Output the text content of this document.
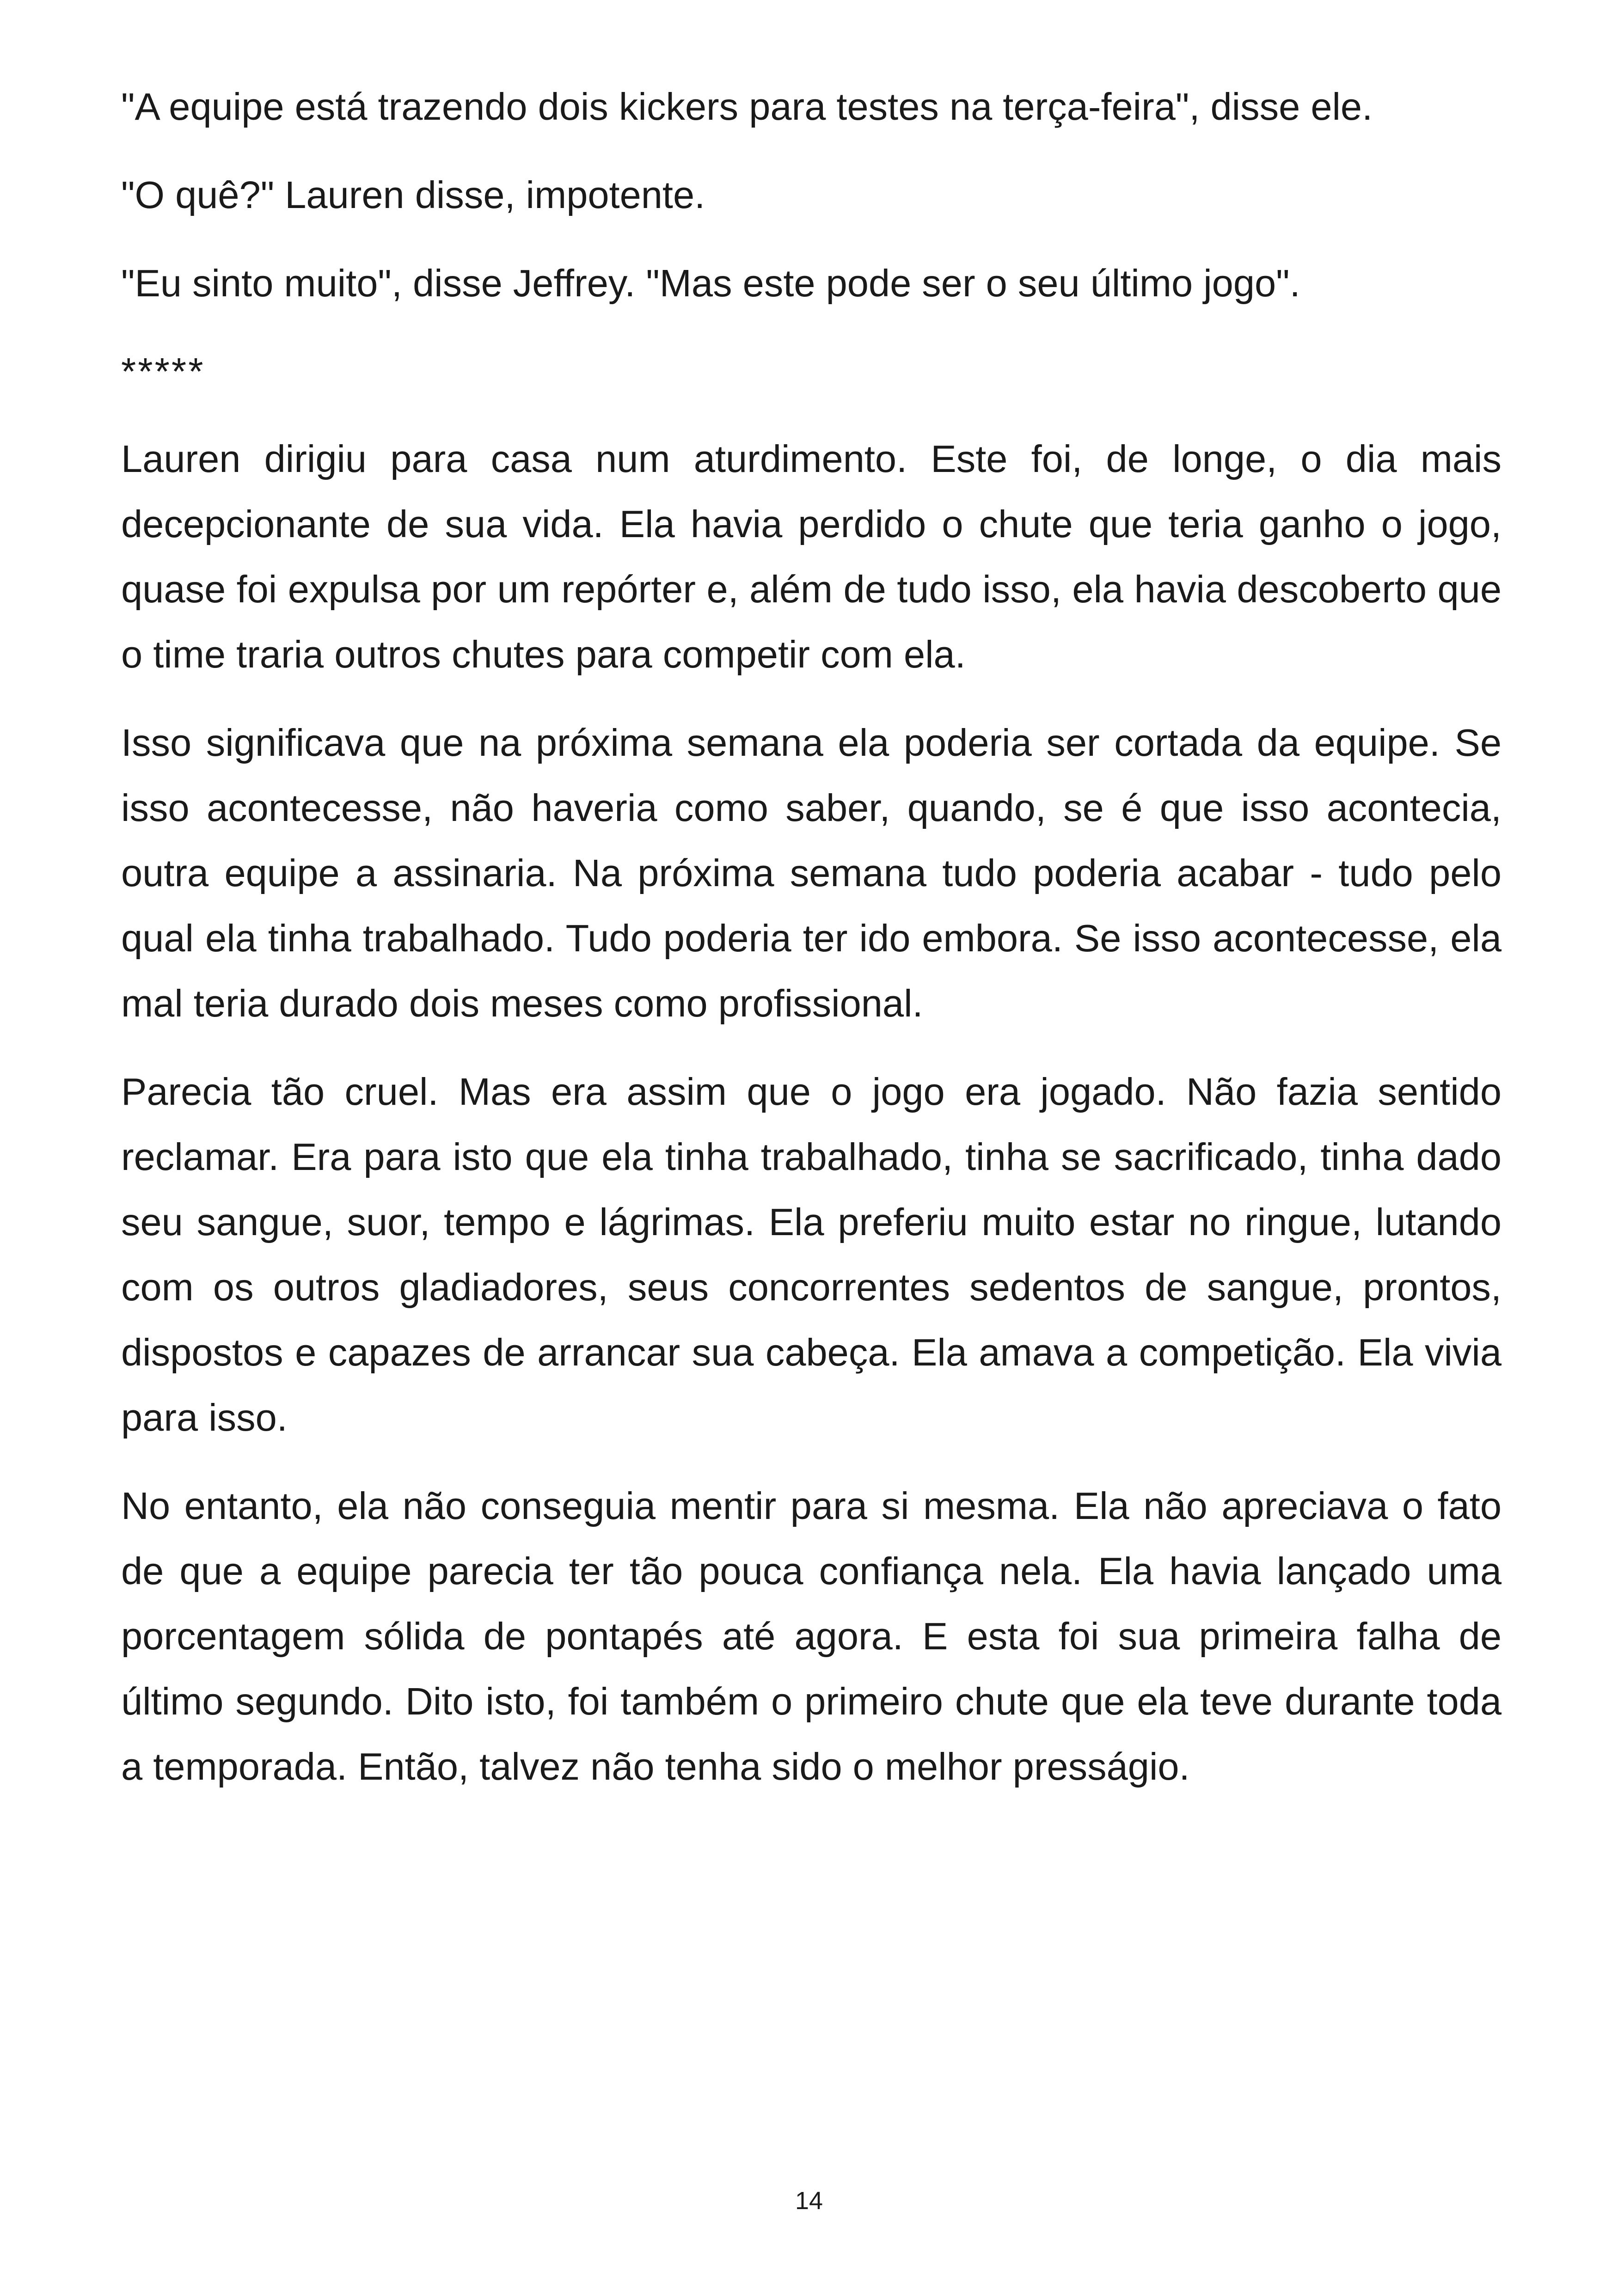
"A equipe está trazendo dois kickers para testes na terça-feira", disse ele.

"O quê?" Lauren disse, impotente.

"Eu sinto muito", disse Jeffrey. "Mas este pode ser o seu último jogo".

*****

Lauren dirigiu para casa num aturdimento. Este foi, de longe, o dia mais decepcionante de sua vida. Ela havia perdido o chute que teria ganho o jogo, quase foi expulsa por um repórter e, além de tudo isso, ela havia descoberto que o time traria outros chutes para competir com ela.

Isso significava que na próxima semana ela poderia ser cortada da equipe. Se isso acontecesse, não haveria como saber, quando, se é que isso acontecia, outra equipe a assinaria. Na próxima semana tudo poderia acabar - tudo pelo qual ela tinha trabalhado. Tudo poderia ter ido embora. Se isso acontecesse, ela mal teria durado dois meses como profissional.

Parecia tão cruel. Mas era assim que o jogo era jogado. Não fazia sentido reclamar. Era para isto que ela tinha trabalhado, tinha se sacrificado, tinha dado seu sangue, suor, tempo e lágrimas. Ela preferiu muito estar no ringue, lutando com os outros gladiadores, seus concorrentes sedentos de sangue, prontos, dispostos e capazes de arrancar sua cabeça. Ela amava a competição. Ela vivia para isso.

No entanto, ela não conseguia mentir para si mesma. Ela não apreciava o fato de que a equipe parecia ter tão pouca confiança nela. Ela havia lançado uma porcentagem sólida de pontapés até agora. E esta foi sua primeira falha de último segundo. Dito isto, foi também o primeiro chute que ela teve durante toda a temporada. Então, talvez não tenha sido o melhor presságio.

14
